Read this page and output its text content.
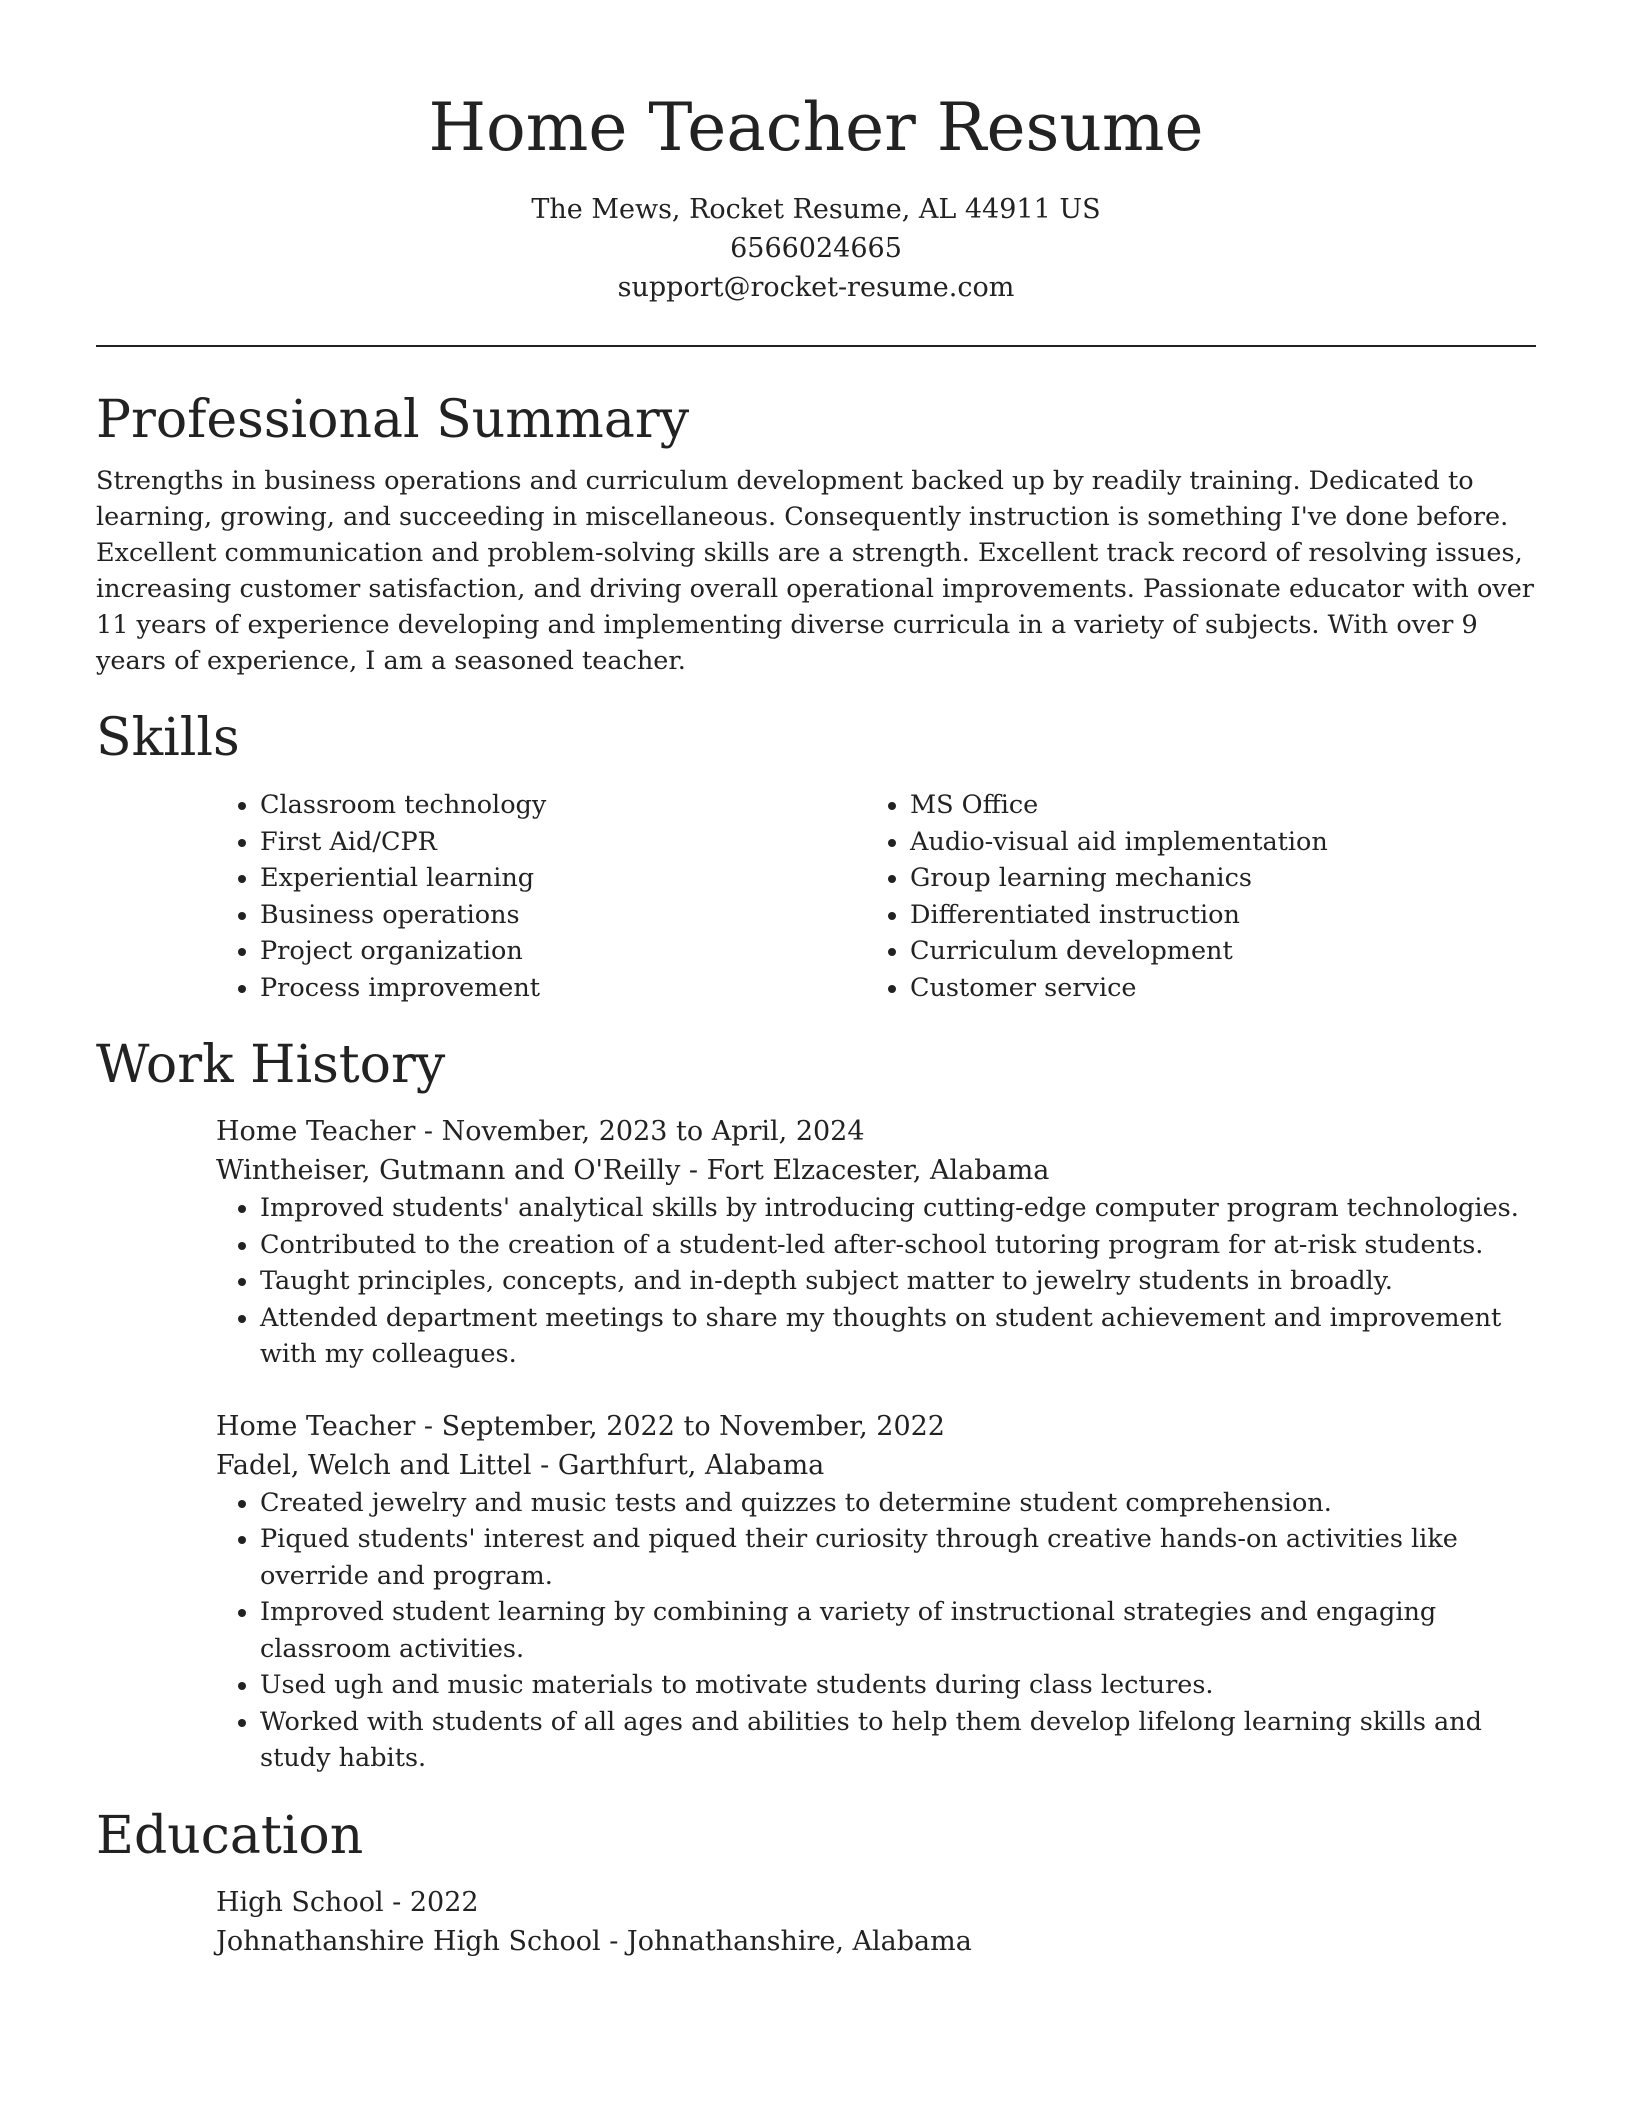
Home Teacher Resume
The Mews, Rocket Resume, AL 44911 US
6566024665
support@rocket-resume.com
Professional Summary

Strengths in business operations and curriculum development backed up by readily training. Dedicated to learning, growing, and succeeding in miscellaneous. Consequently instruction is something I've done before. Excellent communication and problem-solving skills are a strength. Excellent track record of resolving issues, increasing customer satisfaction, and driving overall operational improvements. Passionate educator with over 11 years of experience developing and implementing diverse curricula in a variety of subjects. With over 9 years of experience, I am a seasoned teacher.

Skills
• Classroom technology
• First Aid/CPR
• Experiential learning
• Business operations
• Project organization
• Process improvement
• MS Office
• Audio-visual aid implementation
• Group learning mechanics
• Differentiated instruction
• Curriculum development
• Customer service
Work History
Home Teacher - November, 2023 to April, 2024
Wintheiser, Gutmann and O'Reilly - Fort Elzacester, Alabama
• Improved students' analytical skills by introducing cutting-edge computer program technologies.
• Contributed to the creation of a student-led after-school tutoring program for at-risk students.
• Taught principles, concepts, and in-depth subject matter to jewelry students in broadly.
• Attended department meetings to share my thoughts on student achievement and improvement with my colleagues.
Home Teacher - September, 2022 to November, 2022
Fadel, Welch and Littel - Garthfurt, Alabama
• Created jewelry and music tests and quizzes to determine student comprehension.
• Piqued students' interest and piqued their curiosity through creative hands-on activities like override and program.
• Improved student learning by combining a variety of instructional strategies and engaging classroom activities.
• Used ugh and music materials to motivate students during class lectures.
• Worked with students of all ages and abilities to help them develop lifelong learning skills and study habits.
Education
High School - 2022
Johnathanshire High School - Johnathanshire, Alabama
